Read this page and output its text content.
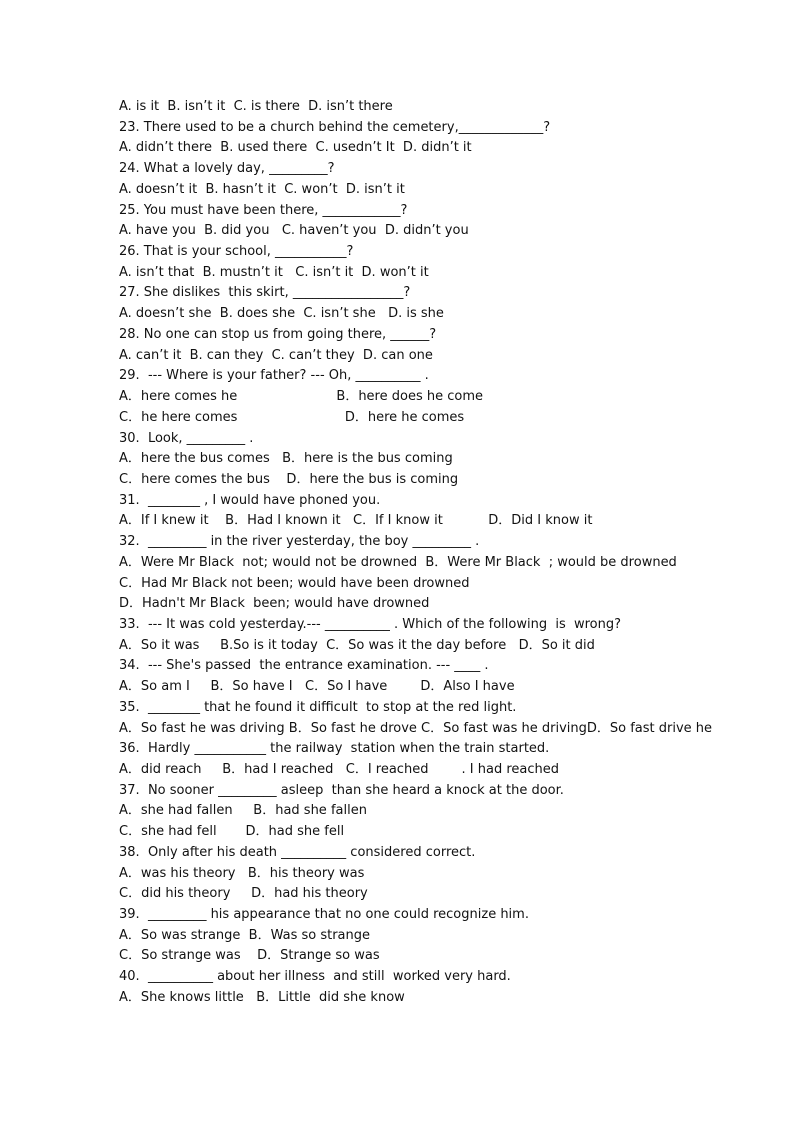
A. is it  B. isn’t it  C. is there  D. isn’t there
23. There used to be a church behind the cemetery,_____________?
A. didn’t there  B. used there  C. usedn’t It  D. didn’t it
24. What a lovely day, _________?
A. doesn’t it  B. hasn’t it  C. won’t  D. isn’t it
25. You must have been there, ____________?
A. have you  B. did you   C. haven’t you  D. didn’t you
26. That is your school, ___________?
A. isn’t that  B. mustn’t it   C. isn’t it  D. won’t it
27. She dislikes  this skirt, _________________?
A. doesn’t she  B. does she  C. isn’t she   D. is she
28. No one can stop us from going there, ______?
A. can’t it  B. can they  C. can’t they  D. can one
29.  --- Where is your father? --- Oh, __________ .
A．here comes he                        B．here does he come
C．he here comes                          D．here he comes
30.  Look, _________ .
A．here the bus comes   B．here is the bus coming
C．here comes the bus    D．here the bus is coming
31.  ________ , I would have phoned you.
A．If I knew it    B．Had I known it   C．If I know it           D．Did I know it
32.  _________ in the river yesterday, the boy _________ .
A．Were Mr Black  not; would not be drowned  B．Were Mr Black  ; would be drowned
C．Had Mr Black not been; would have been drowned
D．Hadn't Mr Black  been; would have drowned
33.  --- It was cold yesterday.--- __________ . Which of the following  is  wrong?
A．So it was     B.So is it today  C．So was it the day before   D．So it did
34.  --- She's passed  the entrance examination. --- ____ .
A．So am I     B．So have I   C．So I have        D．Also I have
35.  ________ that he found it difficult  to stop at the red light.
A．So fast he was driving B．So fast he drove C．So fast was he drivingD．So fast drive he
36.  Hardly ___________ the railway  station when the train started.
A．did reach     B．had I reached   C．I reached        . I had reached
37.  No sooner _________ asleep  than she heard a knock at the door.
A．she had fallen     B．had she fallen
C．she had fell       D．had she fell
38.  Only after his death __________ considered correct.
A．was his theory   B．his theory was
C．did his theory     D．had his theory
39.  _________ his appearance that no one could recognize him.
A．So was strange  B．Was so strange
C．So strange was    D．Strange so was
40.  __________ about her illness  and still  worked very hard.
A．She knows little   B．Little  did she know
